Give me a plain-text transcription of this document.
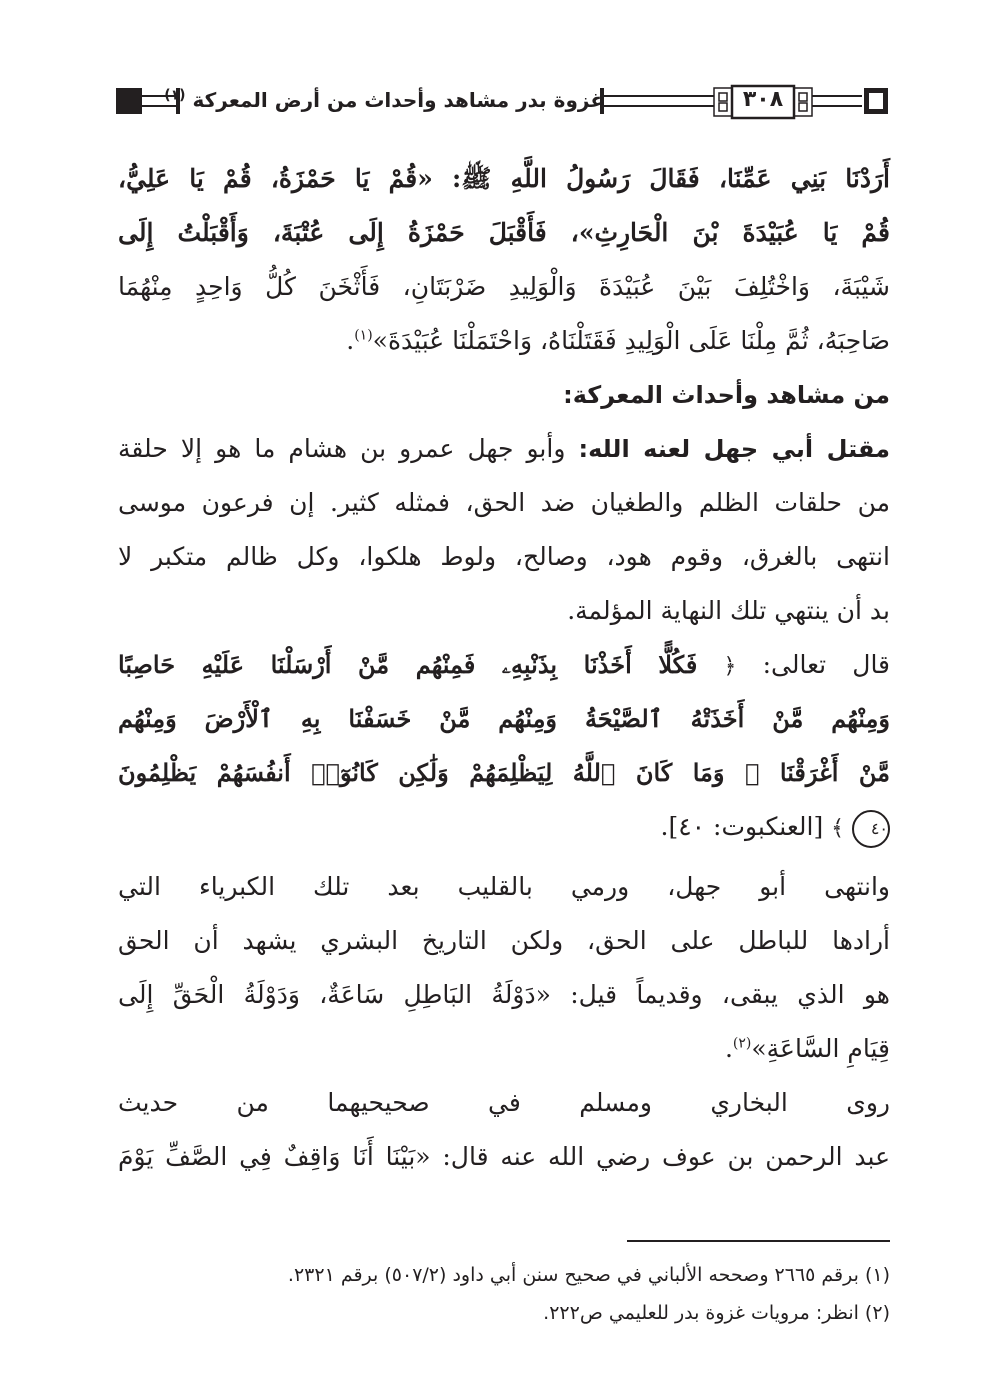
غزوة بدر مشاهد وأحداث من أرض المعركة $^{(١)}$	٣٠٨
أَرَدْنَا بَنِي عَمِّنَا، فَقَالَ رَسُولُ اللَّهِ ﷺ: «قُمْ يَا حَمْزَةُ، قُمْ يَا عَلِيُّ،
قُمْ يَا عُبَيْدَةَ بْنَ الْحَارِثِ»، فَأَقْبَلَ حَمْزَةُ إِلَى عُتْبَةَ، وَأَقْبَلْتُ إِلَى
شَيْبَةَ، وَاخْتُلِفَ بَيْنَ عُبَيْدَةَ وَالْوَلِيدِ ضَرْبَتَانِ، فَأَثْخَنَ كُلُّ وَاحِدٍ مِنْهُمَا
صَاحِبَهُ، ثُمَّ مِلْنَا عَلَى الْوَلِيدِ فَقَتَلْنَاهُ، وَاحْتَمَلْنَا عُبَيْدَةَ»$^{(١)}$.
من مشاهد وأحداث المعركة:
مقتل أبي جهل لعنه الله: وأبو جهل عمرو بن هشام ما هو إلا حلقة
من حلقات الظلم والطغيان ضد الحق، فمثله كثير. إن فرعون موسى
انتهى بالغرق، وقوم هود، وصالح، ولوط هلكوا، وكل ظالم متكبر لا
بد أن ينتهي تلك النهاية المؤلمة.
قال تعالى: ﴿ فَكُلًّا أَخَذْنَا بِذَنْبِهِۦ فَمِنْهُم مَّنْ أَرْسَلْنَا عَلَيْهِ حَاصِبًا
وَمِنْهُم مَّنْ أَخَذَتْهُ ٱلصَّيْحَةُ وَمِنْهُم مَّنْ خَسَفْنَا بِهِ ٱلْأَرْضَ وَمِنْهُم
مَّنْ أَغْرَقْنَا ۚ وَمَا كَانَ ٱللَّهُ لِيَظْلِمَهُمْ وَلَٰكِن كَانُوٓا۟ أَنفُسَهُمْ يَظْلِمُونَ
٤٠ ﴾ [العنكبوت: ٤٠].
وانتهى أبو جهل، ورمي بالقليب بعد تلك الكبرياء التي
أرادها للباطل على الحق، ولكن التاريخ البشري يشهد أن الحق
هو الذي يبقى، وقديماً قيل: «دَوْلَةُ البَاطِلِ سَاعَةٌ، وَدَوْلَةُ الْحَقِّ إِلَى
قِيَامِ السَّاعَةِ»$^{(٢)}$.
روى البخاري ومسلم في صحيحيهما من حديث
عبد الرحمن بن عوف رضي الله عنه قال: «بَيْنَا أَنَا وَاقِفٌ فِي الصَّفِّ يَوْمَ
(١) برقم ٢٦٦٥ وصححه الألباني في صحيح سنن أبي داود (٥٠٧/٢) برقم ٢٣٢١.
(٢) انظر: مرويات غزوة بدر للعليمي ص٢٢٢.
